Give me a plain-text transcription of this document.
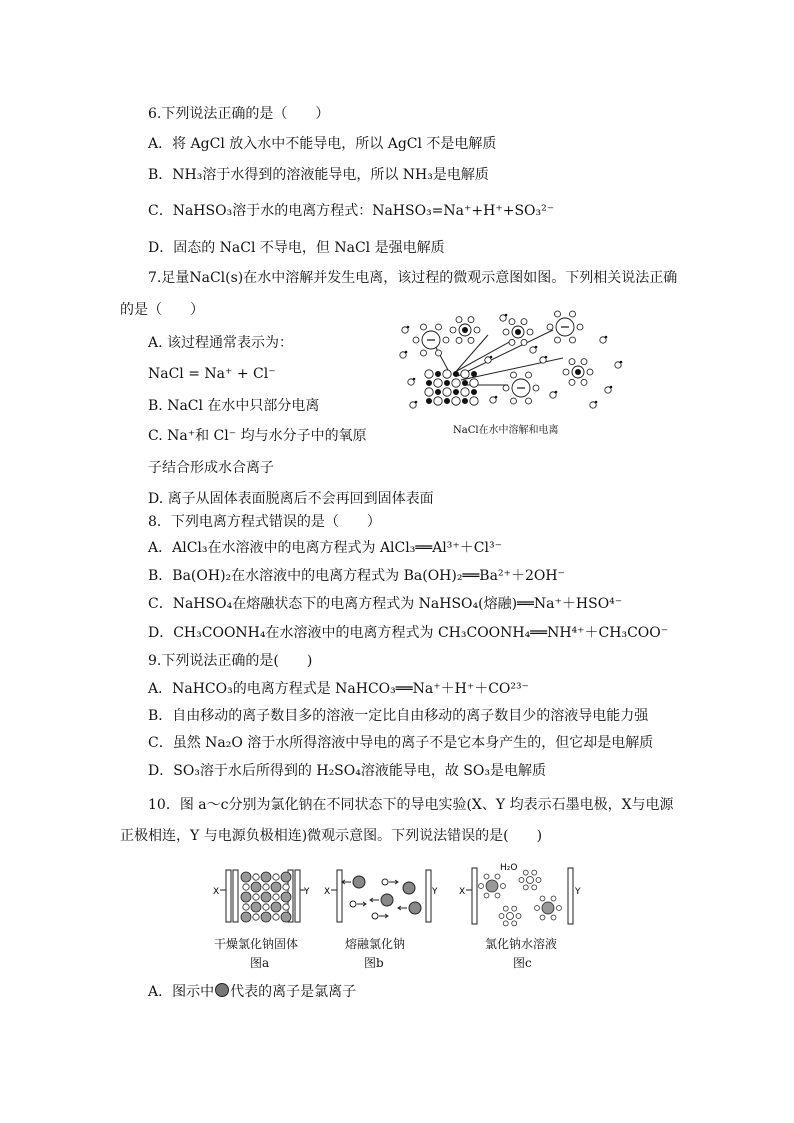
6.下列说法正确的是（　　）
A．将 AgCl 放入水中不能导电，所以 AgCl 不是电解质
B．NH₃溶于水得到的溶液能导电，所以 NH₃是电解质
C．NaHSO₃溶于水的电离方程式：NaHSO₃=Na⁺+H⁺+SO₃²⁻
D．固态的 NaCl 不导电，但 NaCl 是强电解质
7.足量NaCl(s)在水中溶解并发生电离，该过程的微观示意图如图。下列相关说法正确
的是（　　）
A. 该过程通常表示为：
NaCl = Na⁺ + Cl⁻
B. NaCl 在水中只部分电离
C. Na⁺和 Cl⁻ 均与水分子中的氧原
子结合形成水合离子
D. 离子从固体表面脱离后不会再回到固体表面
NaCl在水中溶解和电离
8．下列电离方程式错误的是（　　）
A．AlCl₃在水溶液中的电离方程式为 AlCl₃══Al³⁺＋Cl³⁻
B．Ba(OH)₂在水溶液中的电离方程式为 Ba(OH)₂══Ba²⁺＋2OH⁻
C．NaHSO₄在熔融状态下的电离方程式为 NaHSO₄(熔融)══Na⁺＋HSO⁴⁻
D．CH₃COONH₄在水溶液中的电离方程式为 CH₃COONH₄══NH⁴⁺＋CH₃COO⁻
9.下列说法正确的是(　　)
A．NaHCO₃的电离方程式是 NaHCO₃══Na⁺＋H⁺＋CO²³⁻
B．自由移动的离子数目多的溶液一定比自由移动的离子数目少的溶液导电能力强
C．虽然 Na₂O 溶于水所得溶液中导电的离子不是它本身产生的，但它却是电解质
D．SO₃溶于水后所得到的 H₂SO₄溶液能导电，故 SO₃是电解质
10．图 a～c分别为氯化钠在不同状态下的导电实验(X、Y 均表示石墨电极，X与电源
正极相连，Y 与电源负极相连)微观示意图。下列说法错误的是(　　)
X	Y
干燥氯化钠固体
图a
X	Y
熔融氯化钠
图b
X	Y
H₂O
氯化钠水溶液
图c
A．图示中 代表的离子是氯离子
